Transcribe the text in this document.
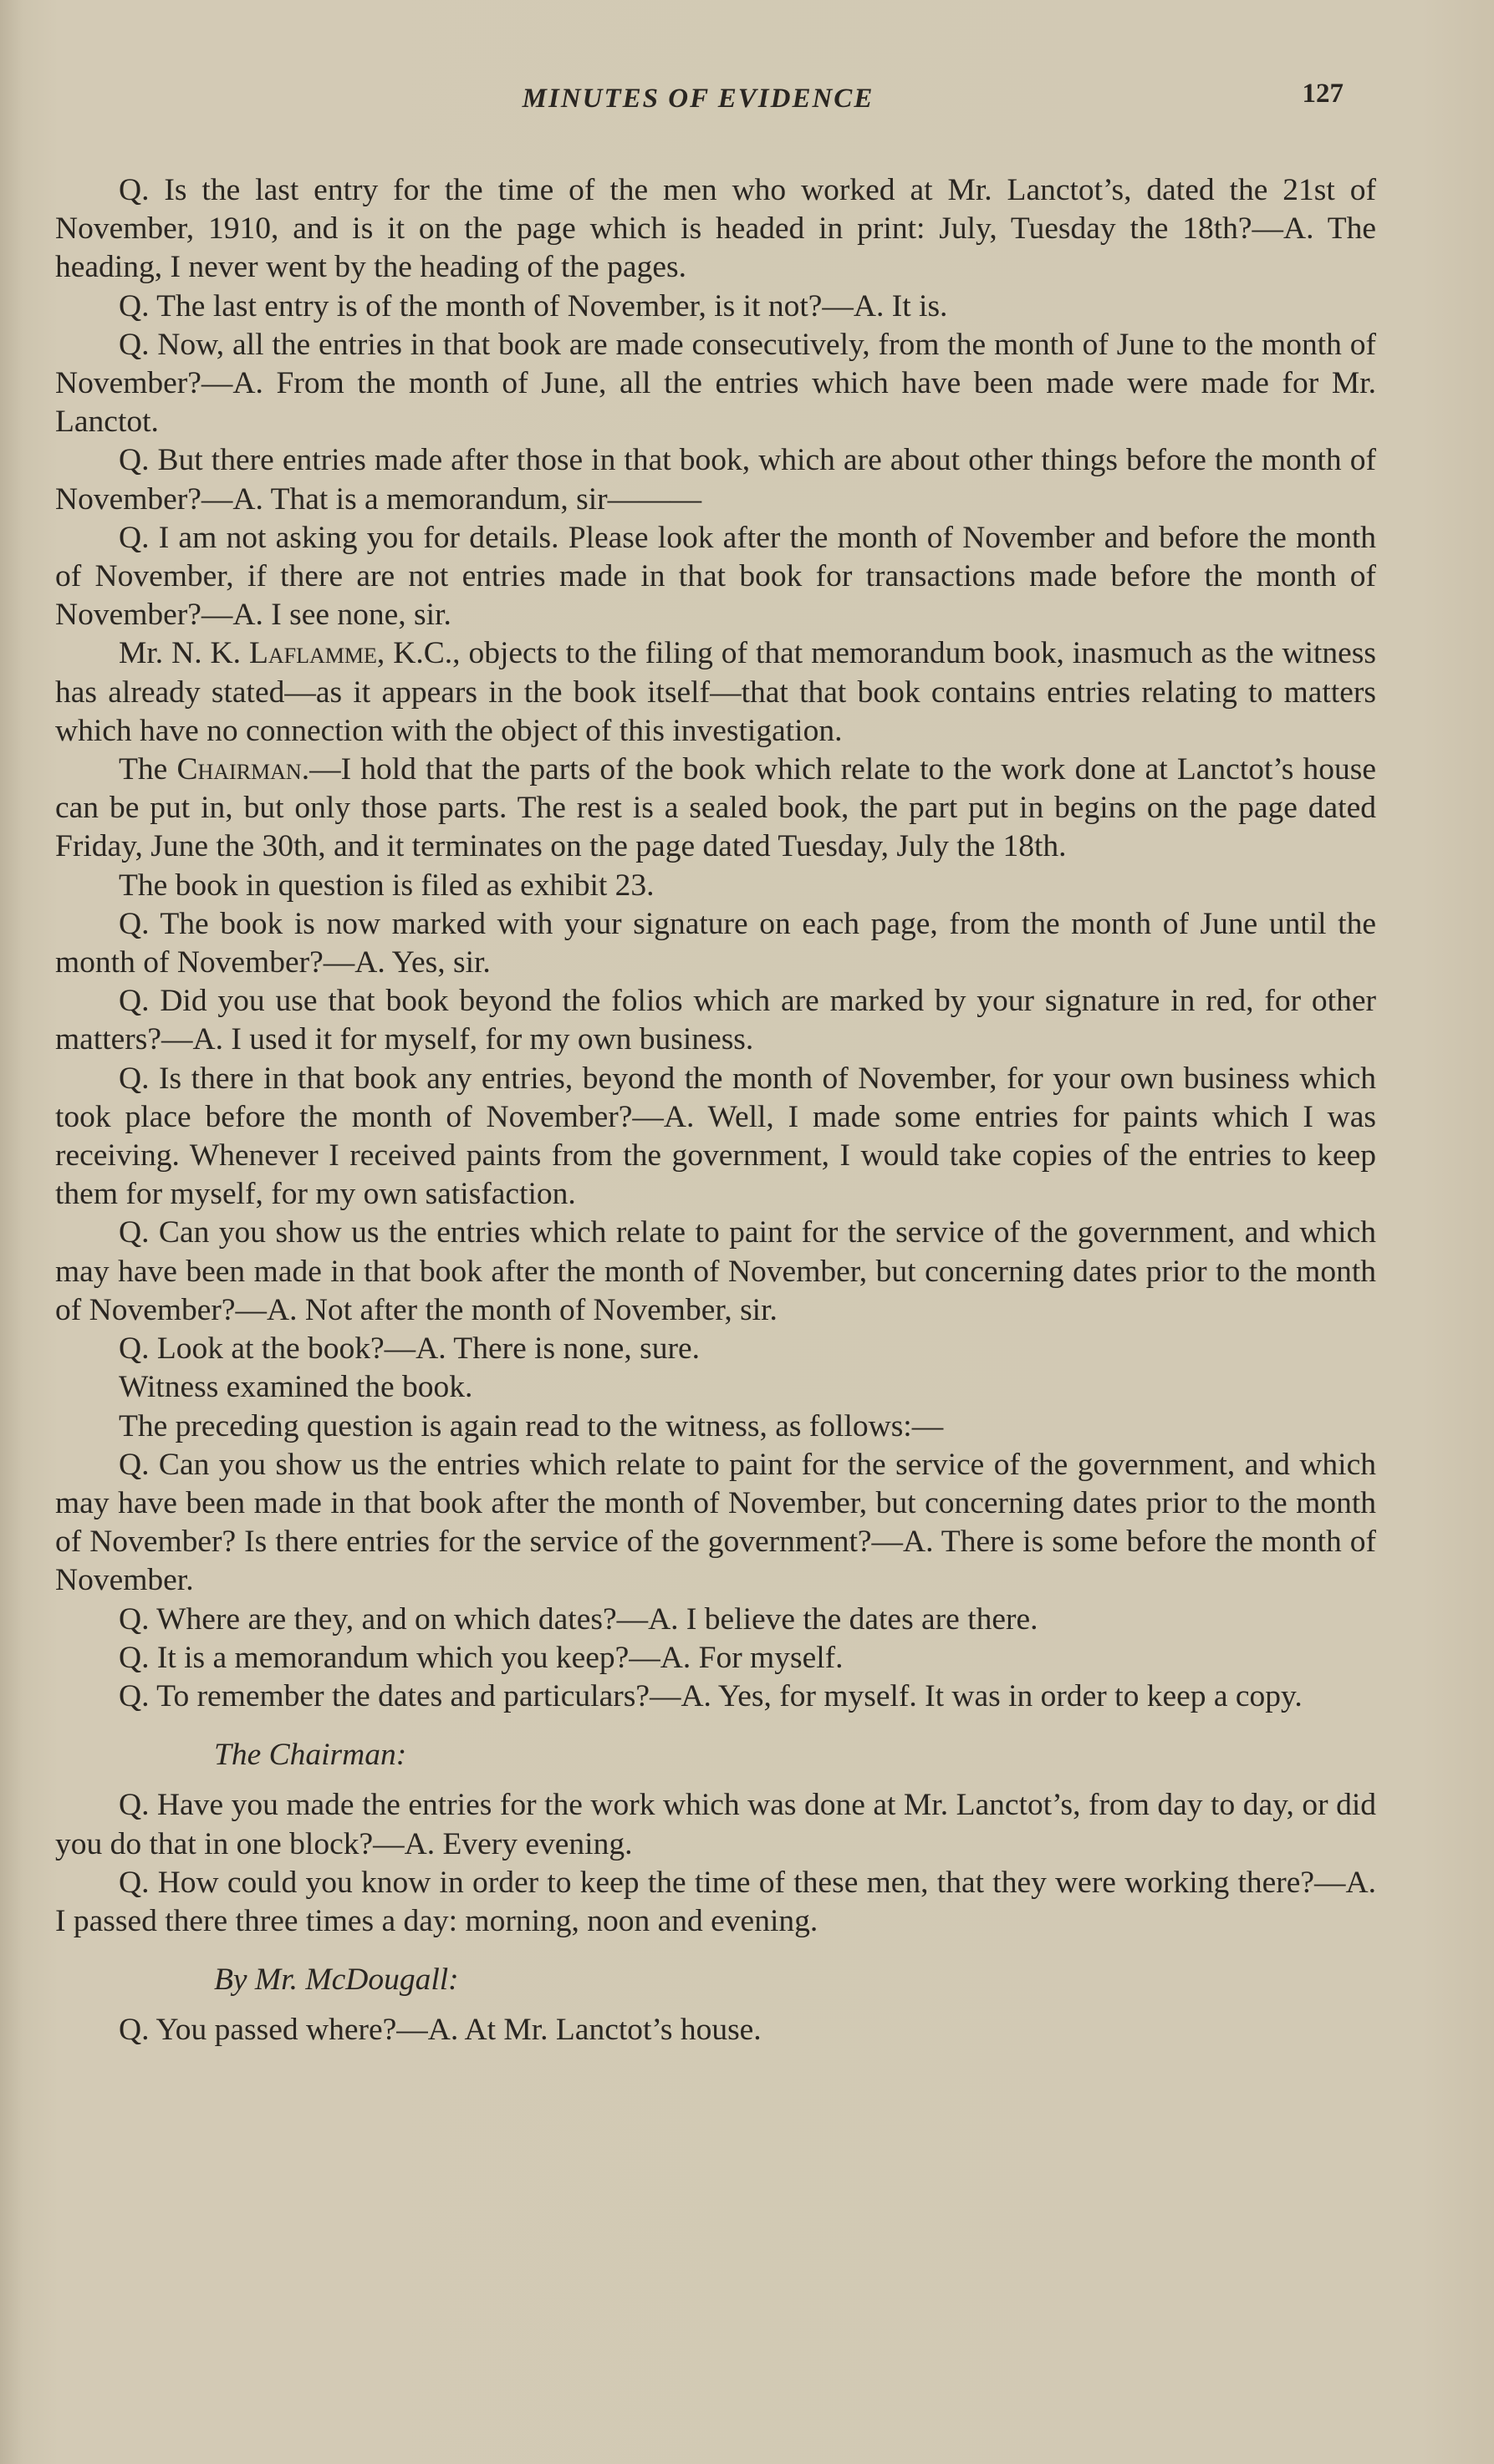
MINUTES OF EVIDENCE	127

Q. Is the last entry for the time of the men who worked at Mr. Lanctot’s, dated the 21st of November, 1910, and is it on the page which is headed in print: July, Tuesday the 18th?—A. The heading, I never went by the heading of the pages.

Q. The last entry is of the month of November, is it not?—A. It is.

Q. Now, all the entries in that book are made consecutively, from the month of June to the month of November?—A. From the month of June, all the entries which have been made were made for Mr. Lanctot.

Q. But there entries made after those in that book, which are about other things before the month of November?—A. That is a memorandum, sir———

Q. I am not asking you for details. Please look after the month of November and before the month of November, if there are not entries made in that book for transactions made before the month of November?—A. I see none, sir.

Mr. N. K. Laflamme, K.C., objects to the filing of that memorandum book, inasmuch as the witness has already stated—as it appears in the book itself—that that book contains entries relating to matters which have no connection with the object of this investigation.

The Chairman.—I hold that the parts of the book which relate to the work done at Lanctot’s house can be put in, but only those parts. The rest is a sealed book, the part put in begins on the page dated Friday, June the 30th, and it terminates on the page dated Tuesday, July the 18th.

The book in question is filed as exhibit 23.

Q. The book is now marked with your signature on each page, from the month of June until the month of November?—A. Yes, sir.

Q. Did you use that book beyond the folios which are marked by your signature in red, for other matters?—A. I used it for myself, for my own business.

Q. Is there in that book any entries, beyond the month of November, for your own business which took place before the month of November?—A. Well, I made some entries for paints which I was receiving. Whenever I received paints from the government, I would take copies of the entries to keep them for myself, for my own satisfaction.

Q. Can you show us the entries which relate to paint for the service of the government, and which may have been made in that book after the month of November, but concerning dates prior to the month of November?—A. Not after the month of November, sir.

Q. Look at the book?—A. There is none, sure.

Witness examined the book.

The preceding question is again read to the witness, as follows:—

Q. Can you show us the entries which relate to paint for the service of the government, and which may have been made in that book after the month of November, but concerning dates prior to the month of November? Is there entries for the service of the government?—A. There is some before the month of November.

Q. Where are they, and on which dates?—A. I believe the dates are there.

Q. It is a memorandum which you keep?—A. For myself.

Q. To remember the dates and particulars?—A. Yes, for myself. It was in order to keep a copy.

The Chairman:

Q. Have you made the entries for the work which was done at Mr. Lanctot’s, from day to day, or did you do that in one block?—A. Every evening.

Q. How could you know in order to keep the time of these men, that they were working there?—A. I passed there three times a day: morning, noon and evening.

By Mr. McDougall:

Q. You passed where?—A. At Mr. Lanctot’s house.
